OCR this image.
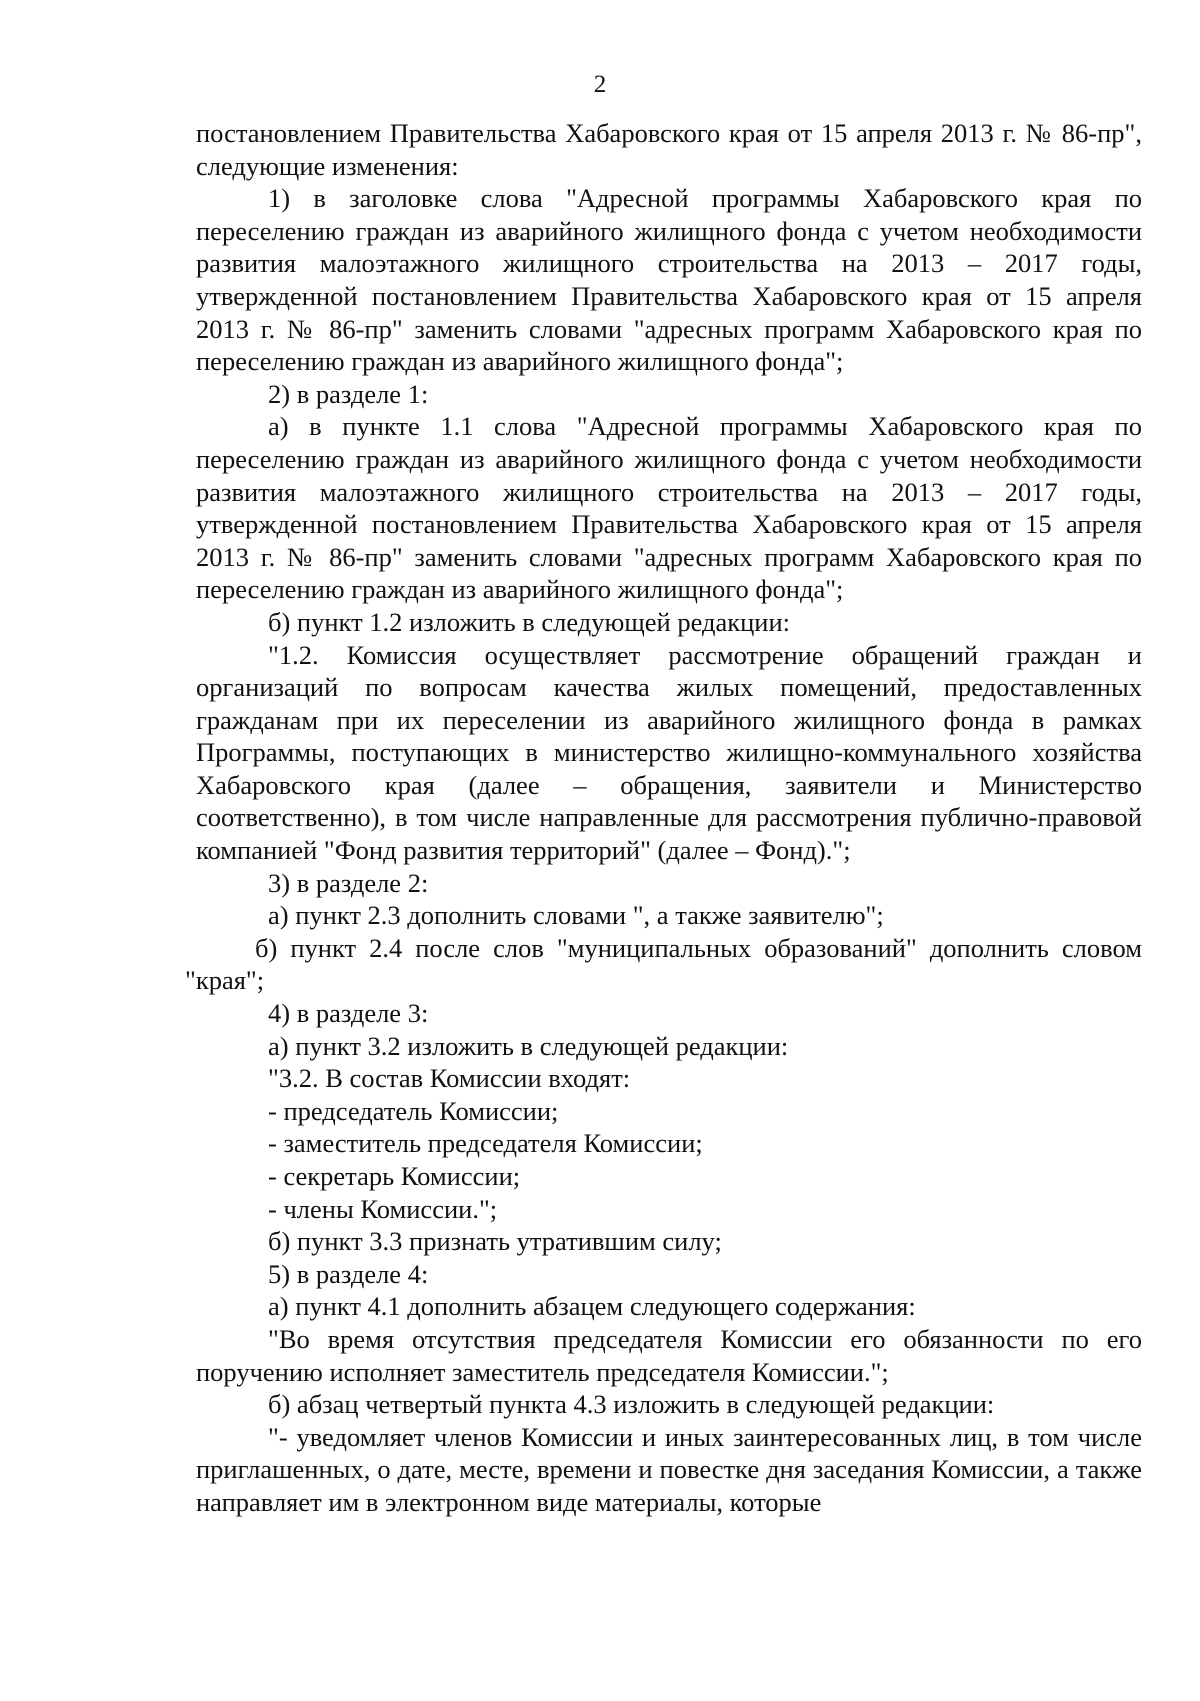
2

постановлением Правительства Хабаровского края от 15 апреля 2013 г. № 86-пр", следующие изменения:

1) в заголовке слова "Адресной программы Хабаровского края по переселению граждан из аварийного жилищного фонда с учетом необходимости развития малоэтажного жилищного строительства на 2013 – 2017 годы, утвержденной постановлением Правительства Хабаровского края от 15 апреля 2013 г. № 86-пр" заменить словами "адресных программ Хабаровского края по переселению граждан из аварийного жилищного фонда";

2) в разделе 1:

а) в пункте 1.1 слова "Адресной программы Хабаровского края по переселению граждан из аварийного жилищного фонда с учетом необходимости развития малоэтажного жилищного строительства на 2013 – 2017 годы, утвержденной постановлением Правительства Хабаровского края от 15 апреля 2013 г. № 86-пр" заменить словами "адресных программ Хабаровского края по переселению граждан из аварийного жилищного фонда";

б) пункт 1.2 изложить в следующей редакции:

"1.2. Комиссия осуществляет рассмотрение обращений граждан и организаций по вопросам качества жилых помещений, предоставленных гражданам при их переселении из аварийного жилищного фонда в рамках Программы, поступающих в министерство жилищно-коммунального хозяйства Хабаровского края (далее – обращения, заявители и Министерство соответственно), в том числе направленные для рассмотрения публично-правовой компанией "Фонд развития территорий" (далее – Фонд).";

3) в разделе 2:

а) пункт 2.3 дополнить словами ", а также заявителю";

б) пункт 2.4 после слов "муниципальных образований" дополнить словом "края";

4) в разделе 3:

а) пункт 3.2 изложить в следующей редакции:

"3.2. В состав Комиссии входят:

- председатель Комиссии;

- заместитель председателя Комиссии;

- секретарь Комиссии;

- члены Комиссии.";

б) пункт 3.3 признать утратившим силу;

5) в разделе 4:

а) пункт 4.1 дополнить абзацем следующего содержания:

"Во время отсутствия председателя Комиссии его обязанности по его поручению исполняет заместитель председателя Комиссии.";

б) абзац четвертый пункта 4.3 изложить в следующей редакции:

"- уведомляет членов Комиссии и иных заинтересованных лиц, в том числе приглашенных, о дате, месте, времени и повестке дня заседания Комиссии, а также направляет им в электронном виде материалы, которые
